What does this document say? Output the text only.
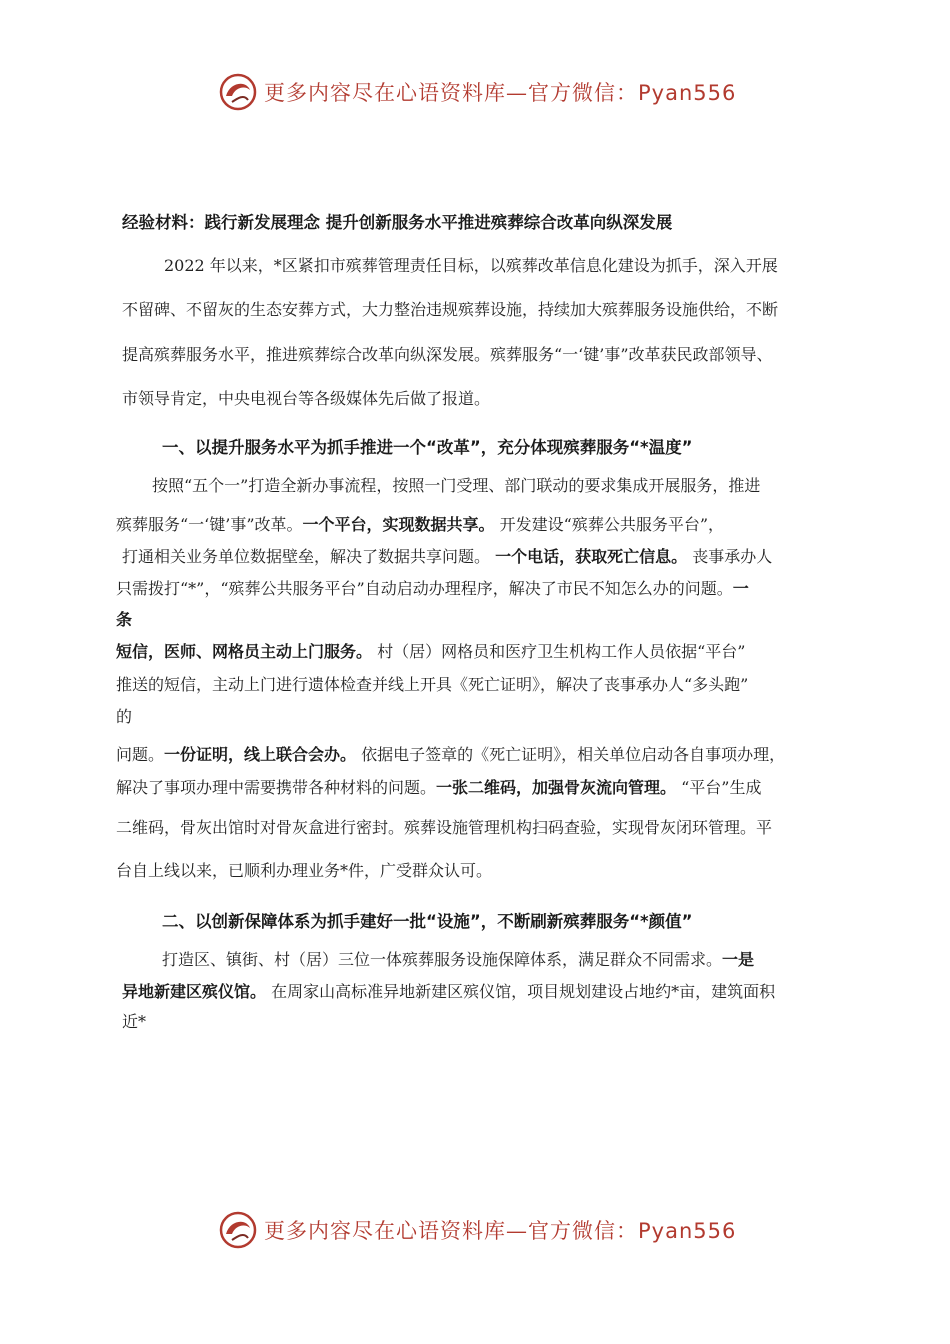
更多内容尽在心语资料库—官方微信：Pyan556
经验材料：践行新发展理念 提升创新服务水平推进殡葬综合改革向纵深发展
2022 年以来，*区紧扣市殡葬管理责任目标，以殡葬改革信息化建设为抓手，深入开展
不留碑、不留灰的生态安葬方式，大力整治违规殡葬设施，持续加大殡葬服务设施供给，不断
提高殡葬服务水平，推进殡葬综合改革向纵深发展。殡葬服务“一‘键’事”改革获民政部领导、
市领导肯定，中央电视台等各级媒体先后做了报道。
一、以提升服务水平为抓手推进一个“改革”，充分体现殡葬服务“*温度”
按照“五个一”打造全新办事流程，按照一门受理、部门联动的要求集成开展服务，推进
殡葬服务“一‘键’事”改革。一个平台，实现数据共享。 开发建设“殡葬公共服务平台”，
打通相关业务单位数据壁垒，解决了数据共享问题。 一个电话，获取死亡信息。 丧事承办人
只需拨打“*”，“殡葬公共服务平台”自动启动办理程序，解决了市民不知怎么办的问题。一
条
短信，医师、网格员主动上门服务。 村（居）网格员和医疗卫生机构工作人员依据“平台”
推送的短信，主动上门进行遗体检查并线上开具《死亡证明》，解决了丧事承办人“多头跑”
的
问题。一份证明，线上联合会办。 依据电子签章的《死亡证明》，相关单位启动各自事项办理，
解决了事项办理中需要携带各种材料的问题。一张二维码，加强骨灰流向管理。 “平台”生成
二维码，骨灰出馆时对骨灰盒进行密封。殡葬设施管理机构扫码查验，实现骨灰闭环管理。平
台自上线以来，已顺利办理业务*件，广受群众认可。
二、以创新保障体系为抓手建好一批“设施”，不断刷新殡葬服务“*颜值”
打造区、镇街、村（居）三位一体殡葬服务设施保障体系，满足群众不同需求。一是
异地新建区殡仪馆。 在周家山高标准异地新建区殡仪馆，项目规划建设占地约*亩，建筑面积
近*
更多内容尽在心语资料库—官方微信：Pyan556
